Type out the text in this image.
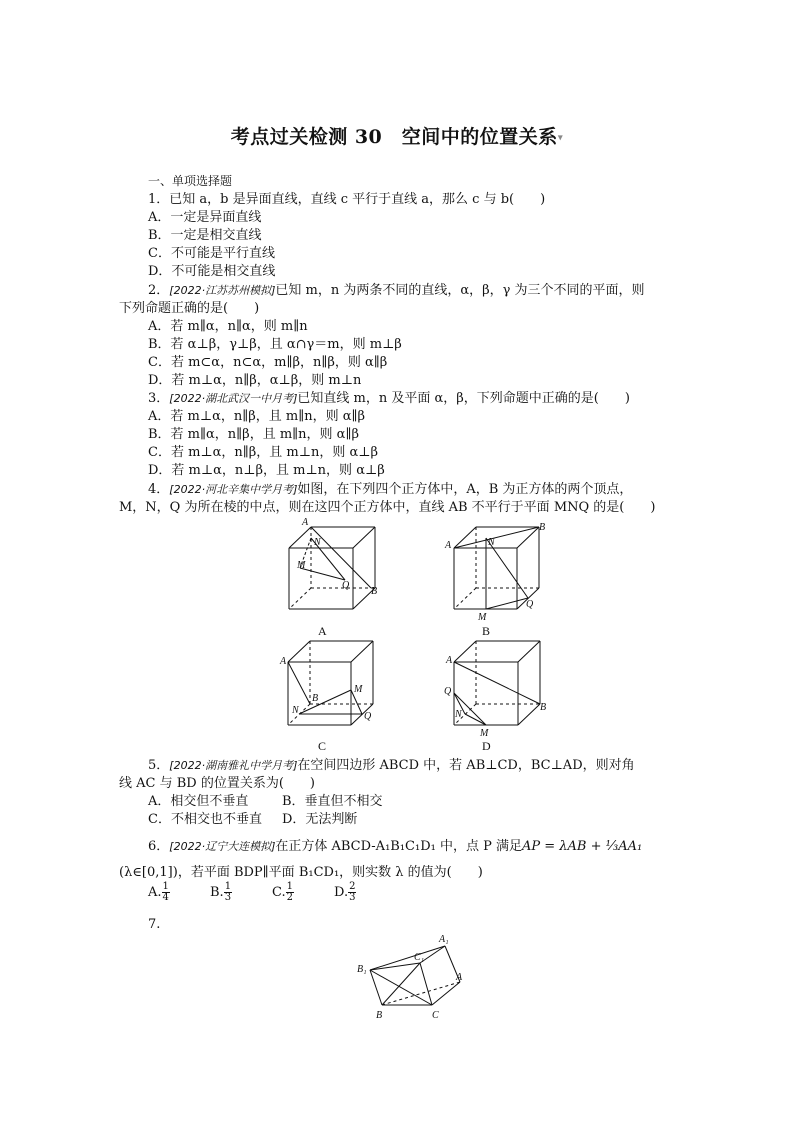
考点过关检测 30　空间中的位置关系▾
一、单项选择题
1．已知 a，b 是异面直线，直线 c 平行于直线 a，那么 c 与 b(　　)
A．一定是异面直线
B．一定是相交直线
C．不可能是平行直线
D．不可能是相交直线
2．[2022·江苏苏州模拟]已知 m，n 为两条不同的直线，α，β，γ 为三个不同的平面，则
下列命题正确的是(　　)
A．若 m∥α，n∥α，则 m∥n
B．若 α⊥β，γ⊥β，且 α∩γ＝m，则 m⊥β
C．若 m⊂α，n⊂α，m∥β，n∥β，则 α∥β
D．若 m⊥α，n∥β，α⊥β，则 m⊥n
3．[2022·湖北武汉一中月考]已知直线 m，n 及平面 α，β，下列命题中正确的是(　　)
A．若 m⊥α，n∥β，且 m∥n，则 α∥β
B．若 m∥α，n∥β，且 m∥n，则 α∥β
C．若 m⊥α，n∥β，且 m⊥n，则 α⊥β
D．若 m⊥α，n⊥β，且 m⊥n，则 α⊥β
4．[2022·河北辛集中学月考]如图，在下列四个正方体中，A，B 为正方体的两个顶点，
M，N，Q 为所在棱的中点，则在这四个正方体中，直线 AB 不平行于平面 MNQ 的是(　　)
A
N
M
Q
B
A	N
B
Q
M
A
B
M
N
Q
A
B
Q
N
M
A	B
C	D
A₁
B₁
C₁
A
B	C
5．[2022·湖南雅礼中学月考]在空间四边形 ABCD 中，若 AB⊥CD，BC⊥AD，则对角
线 AC 与 BD 的位置关系为(　　)
A．相交但不垂直	B．垂直但不相交
C．不相交也不垂直 D．无法判断
6．[2022·辽宁大连模拟]在正方体 ABCD-A₁B₁C₁D₁ 中，点 P 满足AP = λAB + ⅓AA₁
(λ∈[0,1])，若平面 BDP∥平面 B₁CD₁，则实数 λ 的值为(　　)
A. $\frac{1}{4}$	B. $\frac{1}{3}$	C. $\frac{1}{2}$	D. $\frac{2}{3}$
7.
